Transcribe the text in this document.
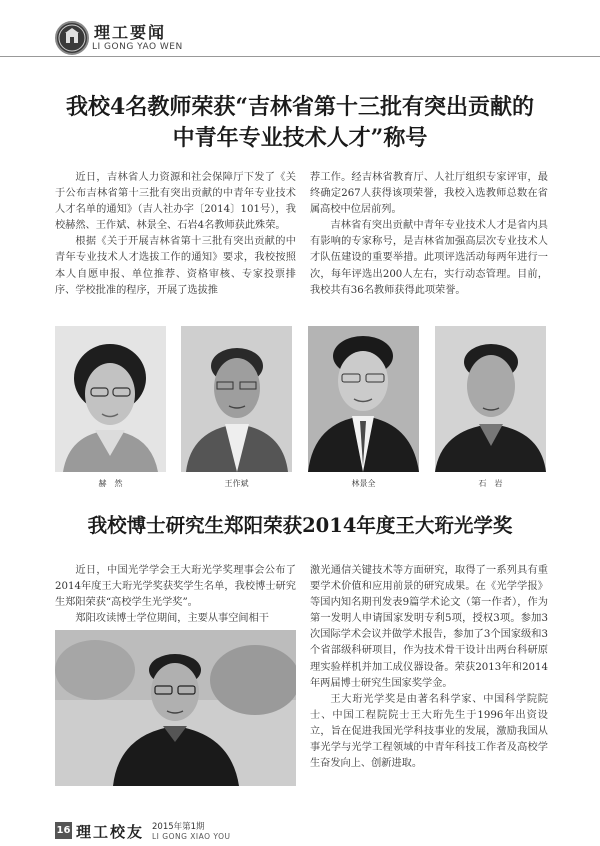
理工要闻
LI GONG YAO WEN
我校4名教师荣获“吉林省第十三批有突出贡献的
中青年专业技术人才”称号

近日，吉林省人力资源和社会保障厅下发了《关于公布吉林省第十三批有突出贡献的中青年专业技术人才名单的通知》（吉人社办字〔2014〕101号），我校赫然、王作斌、林景全、石岩4名教师获此殊荣。

根据《关于开展吉林省第十三批有突出贡献的中青年专业技术人才选拔工作的通知》要求，我校按照本人自愿申报、单位推荐、资格审核、专家投票排序、学校批准的程序，开展了选拔推

荐工作。经吉林省教育厅、人社厅组织专家评审，最终确定267人获得该项荣誉，我校入选教师总数在省属高校中位居前列。

吉林省有突出贡献中青年专业技术人才是省内具有影响的专家称号，是吉林省加强高层次专业技术人才队伍建设的重要举措。此项评选活动每两年进行一次，每年评选出200人左右，实行动态管理。目前，我校共有36名教师获得此项荣誉。

赫　然	王作斌	林景全	石　岩
我校博士研究生郑阳荣获2014年度王大珩光学奖

近日，中国光学学会王大珩光学奖理事会公布了2014年度王大珩光学奖获奖学生名单，我校博士研究生郑阳荣获“高校学生光学奖”。

郑阳攻读博士学位期间，主要从事空间相干

激光通信关键技术等方面研究，取得了一系列具有重要学术价值和应用前景的研究成果。在《光学学报》等国内知名期刊发表9篇学术论文（第一作者），作为第一发明人申请国家发明专利5项，授权3项。参加3次国际学术会议并做学术报告，参加了3个国家级和3个省部级科研项目，作为技术骨干设计出两台科研原理实验样机并加工成仪器设备。荣获2013年和2014年两届博士研究生国家奖学金。

王大珩光学奖是由著名科学家、中国科学院院士、中国工程院院士王大珩先生于1996年出资设立，旨在促进我国光学科技事业的发展，激励我国从事光学与光学工程领域的中青年科技工作者及高校学生奋发向上、创新进取。

16 理工校友 2015年第1期
LI GONG XIAO YOU
